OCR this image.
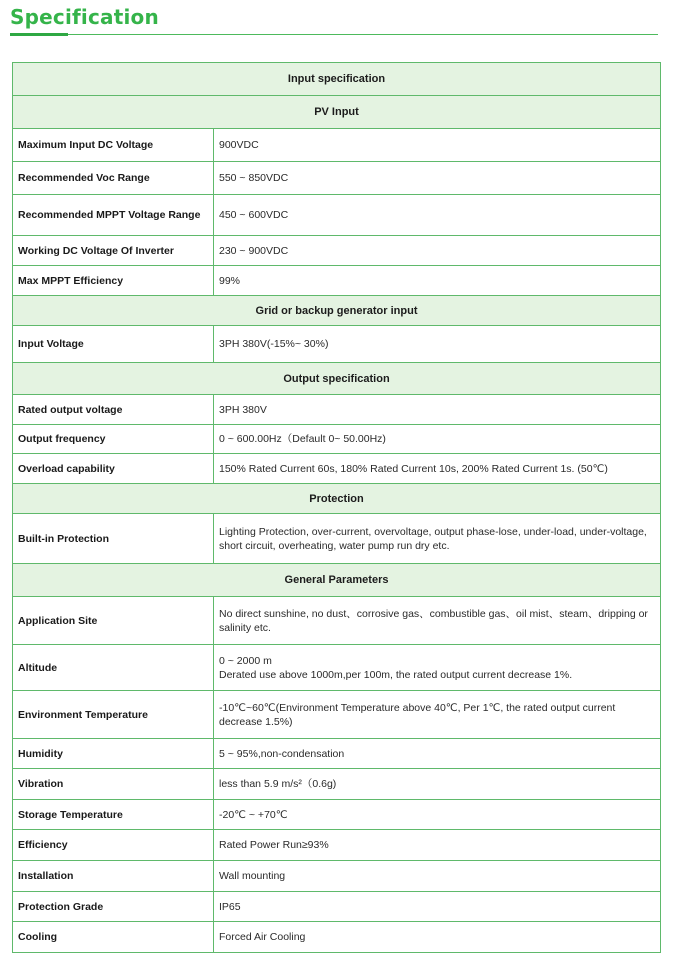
Specification
Input specification	
PV Input	
Maximum Input DC Voltage	900VDC
Recommended Voc Range	550 ~ 850VDC
Recommended MPPT Voltage Range	450 ~ 600VDC
Working DC Voltage Of Inverter	230 ~ 900VDC
Max MPPT Efficiency	99%
Grid or backup generator input	
Input Voltage	3PH 380V(-15%~ 30%)
Output specification	
Rated output voltage	3PH 380V
Output frequency	0 ~ 600.00Hz（Default 0~ 50.00Hz)
Overload capability	150% Rated Current 60s, 180% Rated Current 10s, 200% Rated Current 1s. (50℃)
Protection	
Built-in Protection	Lighting Protection, over-current, overvoltage, output phase-lose, under-load, under-voltage, short circuit, overheating, water pump run dry etc.
General Parameters	
Application Site	No direct sunshine, no dust、corrosive gas、combustible gas、oil mist、steam、dripping or salinity etc.
Altitude	0 ~ 2000 m
Derated use above 1000m,per 100m, the rated output current decrease 1%.

Environment Temperature	-10℃~60℃(Environment Temperature above 40℃, Per 1℃, the rated output current decrease 1.5%)
Humidity	5 ~ 95%,non-condensation
Vibration	less than 5.9 m/s²（0.6g)
Storage Temperature	-20℃ ~ +70℃
Efficiency	Rated Power Run≥93%
Installation	Wall mounting
Protection Grade	IP65
Cooling	Forced Air Cooling
